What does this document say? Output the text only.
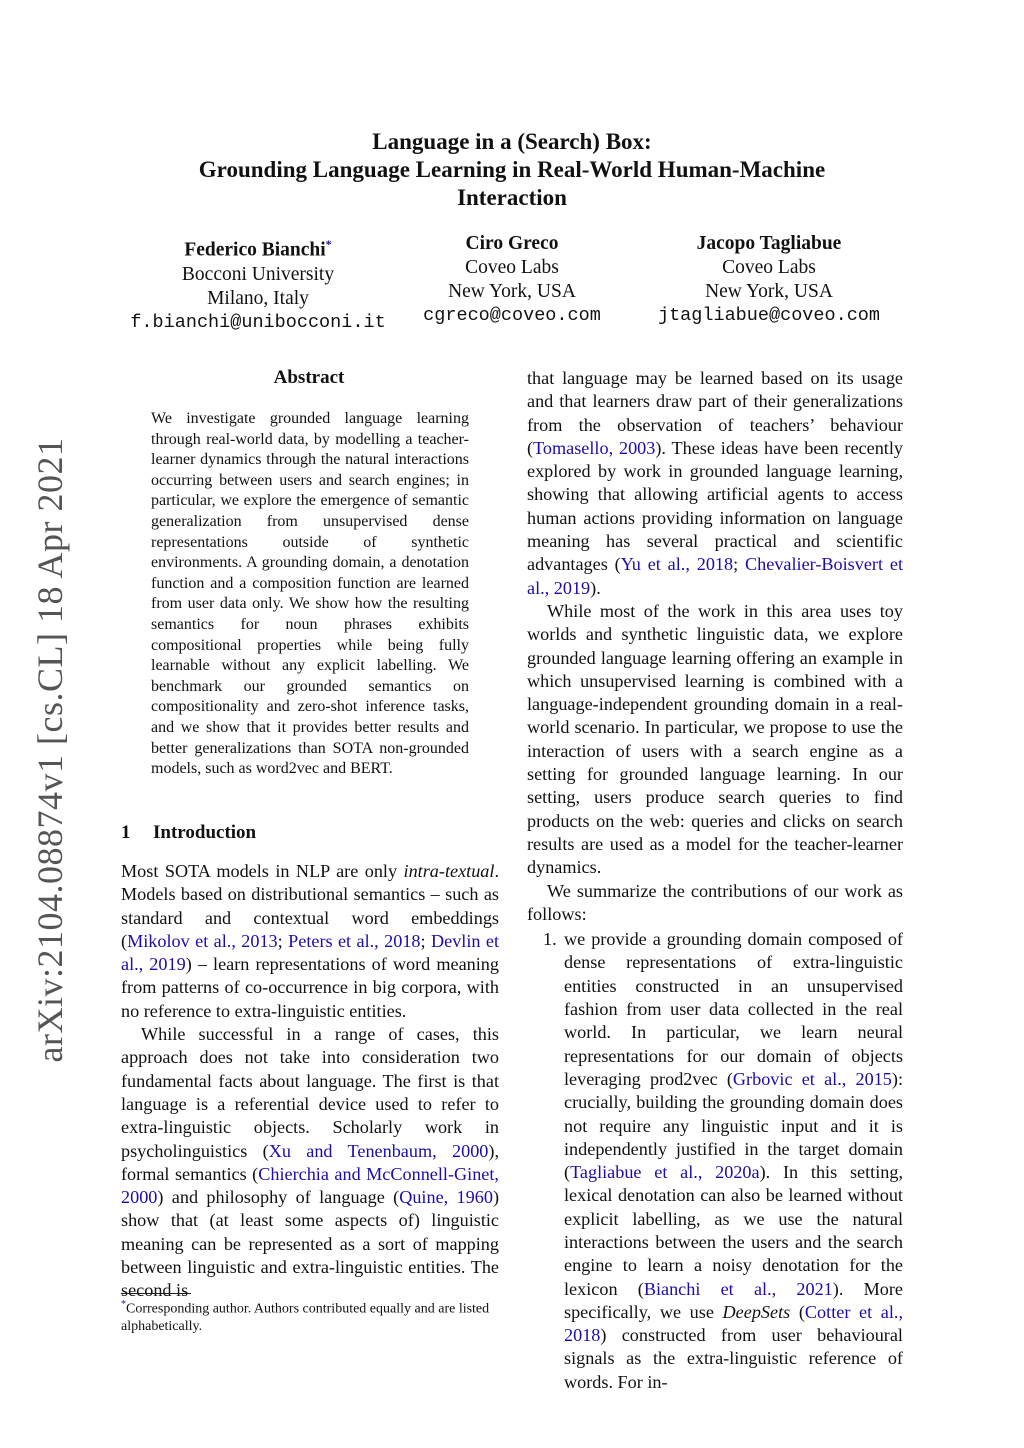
arXiv:2104.08874v1 [cs.CL] 18 Apr 2021
Language in a (Search) Box:
Grounding Language Learning in Real-World Human-Machine
Interaction
Federico Bianchi*
Bocconi University
Milano, Italy
f.bianchi@unibocconi.it
Ciro Greco
Coveo Labs
New York, USA
cgreco@coveo.com
Jacopo Tagliabue
Coveo Labs
New York, USA
jtagliabue@coveo.com
Abstract
We investigate grounded language learning through real-world data, by modelling a teacher-learner dynamics through the natural interactions occurring between users and search engines; in particular, we explore the emergence of semantic generalization from unsupervised dense representations outside of synthetic environments. A grounding domain, a denotation function and a composition function are learned from user data only. We show how the resulting semantics for noun phrases exhibits compositional properties while being fully learnable without any explicit labelling. We benchmark our grounded semantics on compositionality and zero-shot inference tasks, and we show that it provides better results and better generalizations than SOTA non-grounded models, such as word2vec and BERT.
1 Introduction

Most SOTA models in NLP are only intra-textual. Models based on distributional semantics – such as standard and contextual word embeddings (Mikolov et al., 2013; Peters et al., 2018; Devlin et al., 2019) – learn representations of word meaning from patterns of co-occurrence in big corpora, with no reference to extra-linguistic entities.

While successful in a range of cases, this approach does not take into consideration two fundamental facts about language. The first is that language is a referential device used to refer to extra-linguistic objects. Scholarly work in psycholinguistics (Xu and Tenenbaum, 2000), formal semantics (Chierchia and McConnell-Ginet, 2000) and philosophy of language (Quine, 1960) show that (at least some aspects of) linguistic meaning can be represented as a sort of mapping between linguistic and extra-linguistic entities. The second is

that language may be learned based on its usage and that learners draw part of their generalizations from the observation of teachers’ behaviour (Tomasello, 2003). These ideas have been recently explored by work in grounded language learning, showing that allowing artificial agents to access human actions providing information on language meaning has several practical and scientific advantages (Yu et al., 2018; Chevalier-Boisvert et al., 2019).

While most of the work in this area uses toy worlds and synthetic linguistic data, we explore grounded language learning offering an example in which unsupervised learning is combined with a language-independent grounding domain in a real-world scenario. In particular, we propose to use the interaction of users with a search engine as a setting for grounded language learning. In our setting, users produce search queries to find products on the web: queries and clicks on search results are used as a model for the teacher-learner dynamics.

We summarize the contributions of our work as follows:

1. we provide a grounding domain composed of dense representations of extra-linguistic entities constructed in an unsupervised fashion from user data collected in the real world. In particular, we learn neural representations for our domain of objects leveraging prod2vec (Grbovic et al., 2015): crucially, building the grounding domain does not require any linguistic input and it is independently justified in the target domain (Tagliabue et al., 2020a). In this setting, lexical denotation can also be learned without explicit labelling, as we use the natural interactions between the users and the search engine to learn a noisy denotation for the lexicon (Bianchi et al., 2021). More specifically, we use DeepSets (Cotter et al., 2018) constructed from user behavioural signals as the extra-linguistic reference of words. For in-

*Corresponding author. Authors contributed equally and are listed alphabetically.
